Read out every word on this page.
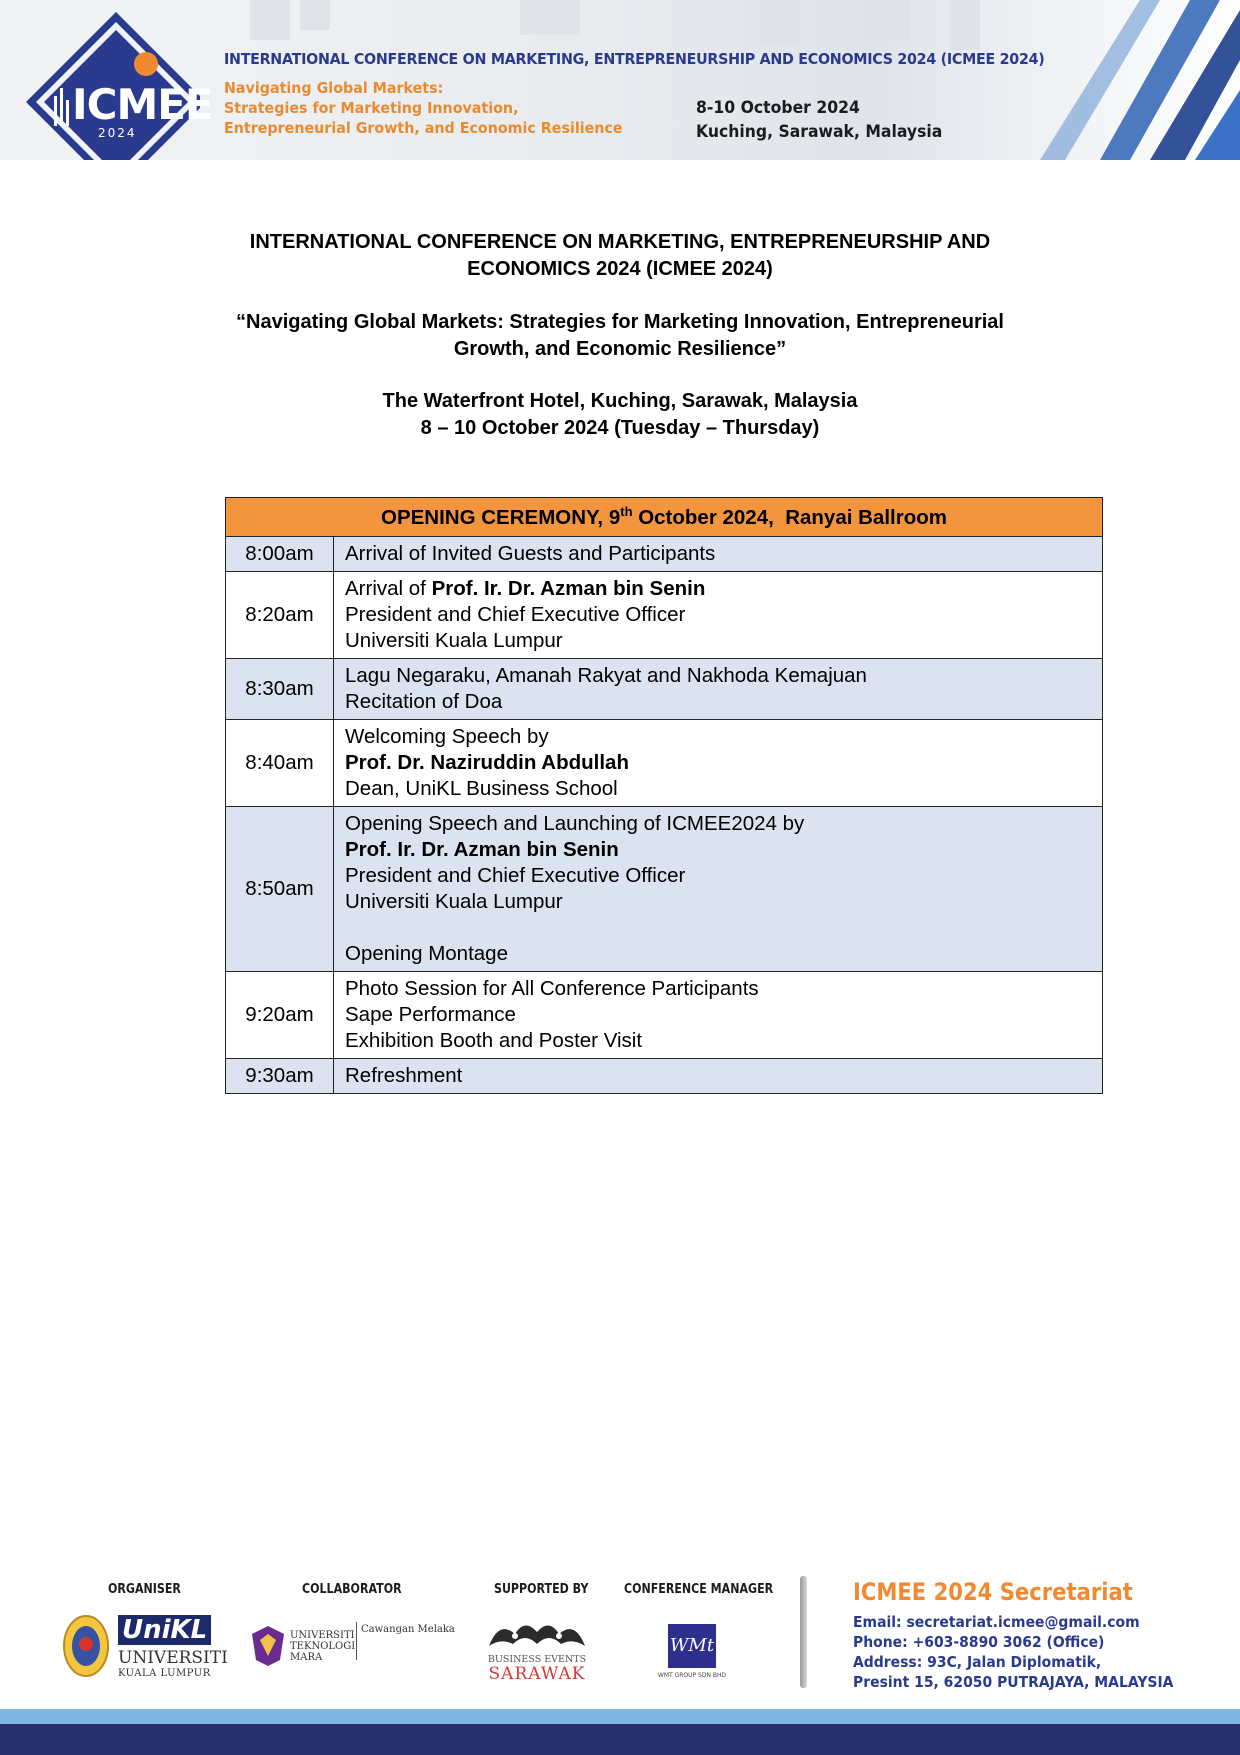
ICMEE
2024
INTERNATIONAL CONFERENCE ON MARKETING, ENTREPRENEURSHIP AND ECONOMICS 2024 (ICMEE 2024)
Navigating Global Markets:
Strategies for Marketing Innovation,
Entrepreneurial Growth, and Economic Resilience
8-10 October 2024
Kuching, Sarawak, Malaysia
INTERNATIONAL CONFERENCE ON MARKETING, ENTREPRENEURSHIP AND
ECONOMICS 2024 (ICMEE 2024)
“Navigating Global Markets: Strategies for Marketing Innovation, Entrepreneurial
Growth, and Economic Resilience”
The Waterfront Hotel, Kuching, Sarawak, Malaysia
8 – 10 October 2024 (Tuesday – Thursday)
OPENING CEREMONY, 9th October 2024,  Ranyai Ballroom	
8:00am	Arrival of Invited Guests and Participants

8:20am	Arrival of Prof. Ir. Dr. Azman bin Senin
President and Chief Executive Officer
Universiti Kuala Lumpur

8:30am	Lagu Negaraku, Amanah Rakyat and Nakhoda Kemajuan
Recitation of Doa

8:40am	Welcoming Speech by
Prof. Dr. Naziruddin Abdullah
Dean, UniKL Business School

8:50am	Opening Speech and Launching of ICMEE2024 by
Prof. Ir. Dr. Azman bin Senin
President and Chief Executive Officer
Universiti Kuala Lumpur
Opening Montage

9:20am	Photo Session for All Conference Participants
Sape Performance
Exhibition Booth and Poster Visit

9:30am	Refreshment
ORGANISER	COLLABORATOR	SUPPORTED BY	CONFERENCE MANAGER
UniKL
UNIVERSITI
KUALA LUMPUR
UNIVERSITI
TEKNOLOGI
MARA
Cawangan Melaka
BUSINESS EVENTS
SARAWAK
WMt
WMT GROUP SDN BHD
ICMEE 2024 Secretariat
Email: secretariat.icmee@gmail.com
Phone: +603-8890 3062 (Office)
Address: 93C, Jalan Diplomatik,
Presint 15, 62050 PUTRAJAYA, MALAYSIA
